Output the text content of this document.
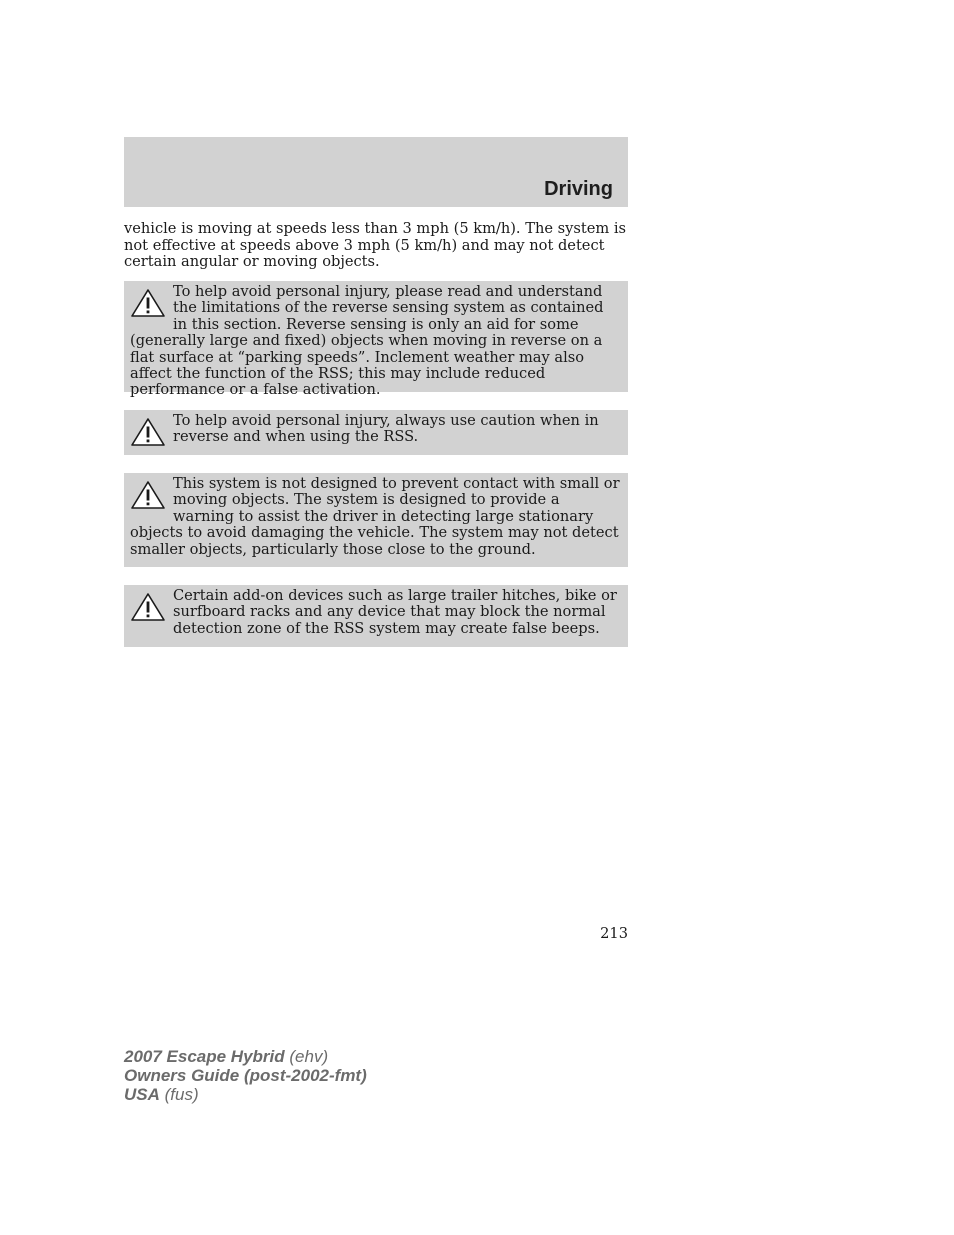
Driving

vehicle is moving at speeds less than 3 mph (5 km/h). The system is not effective at speeds above 3 mph (5 km/h) and may not detect certain angular or moving objects.

To help avoid personal injury, please read and understand the limitations of the reverse sensing system as contained in this section. Reverse sensing is only an aid for some (generally large and fixed) objects when moving in reverse on a flat surface at “parking speeds”. Inclement weather may also affect the function of the RSS; this may include reduced performance or a false activation.

To help avoid personal injury, always use caution when in reverse and when using the RSS.

This system is not designed to prevent contact with small or moving objects. The system is designed to provide a warning to assist the driver in detecting large stationary objects to avoid damaging the vehicle. The system may not detect smaller objects, particularly those close to the ground.

Certain add-on devices such as large trailer hitches, bike or surfboard racks and any device that may block the normal detection zone of the RSS system may create false beeps.

213
2007 Escape Hybrid (ehv)
Owners Guide (post-2002-fmt)
USA (fus)
